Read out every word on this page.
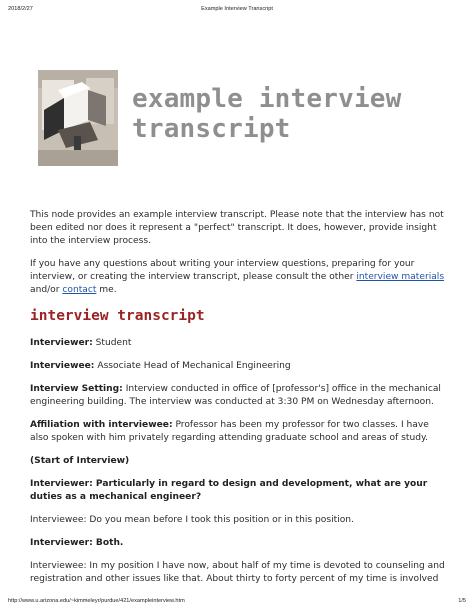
2018/2/27	Example Interview Transcript
example interview
transcript

This node provides an example interview transcript. Please note that the interview has not been edited nor does it represent a "perfect" transcript. It does, however, provide insight into the interview process.

If you have any questions about writing your interview questions, preparing for your interview, or creating the interview transcript, please consult the other interview materials and/or contact me.

interview transcript

Interviewer: Student

Interviewee: Associate Head of Mechanical Engineering

Interview Setting: Interview conducted in office of [professor's] office in the mechanical engineering building. The interview was conducted at 3:30 PM on Wednesday afternoon.

Affiliation with interviewee: Professor has been my professor for two classes. I have also spoken with him privately regarding attending graduate school and areas of study.

(Start of Interview)

Interviewer: Particularly in regard to design and development, what are your duties as a mechanical engineer?

Interviewee: Do you mean before I took this position or in this position.

Interviewer: Both.

Interviewee: In my position I have now, about half of my time is devoted to counseling and registration and other issues like that. About thirty to forty percent of my time is involved

http://www.u.arizona.edu/~kimmeleyr/purdue/421/exampleinterview.htm	1/5
